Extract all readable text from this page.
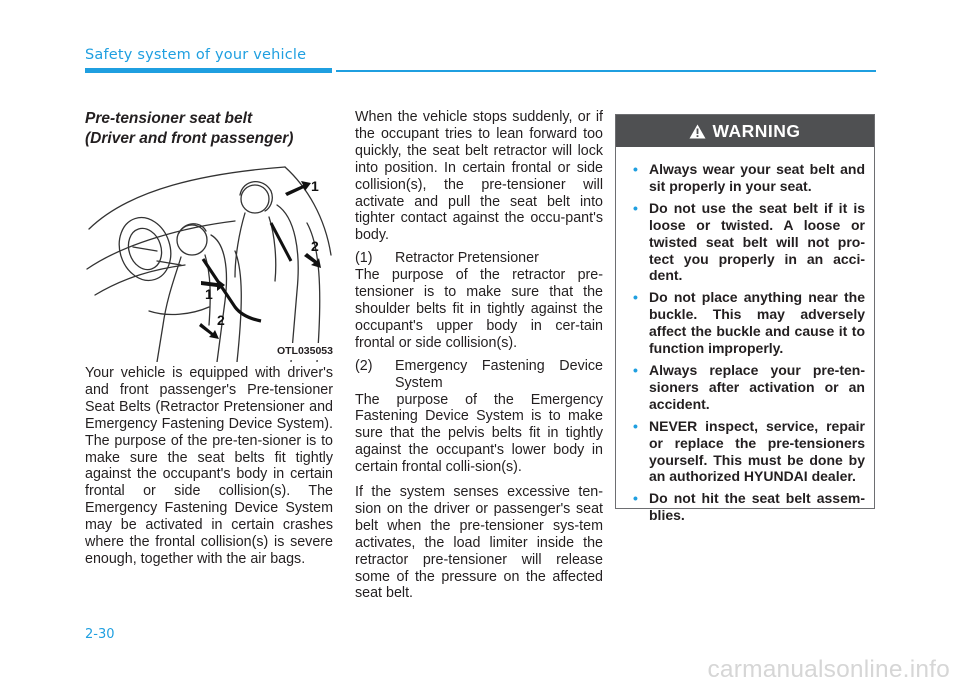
Safety system of your vehicle
Pre-tensioner seat belt
(Driver and front passenger)
1
2
1
2
OTL035053

Your vehicle is equipped with driver's and front passenger's Pre-tensioner Seat Belts (Retractor Pretensioner and Emergency Fastening Device System). The purpose of the pre-ten-sioner is to make sure the seat belts fit tightly against the occupant's body in certain frontal or side collision(s). The Emergency Fastening Device System may be activated in certain crashes where the frontal collision(s) is severe enough, together with the air bags.

When the vehicle stops suddenly, or if the occupant tries to lean forward too quickly, the seat belt retractor will lock into position. In certain frontal or side collision(s), the pre-tensioner will activate and pull the seat belt into tighter contact against the occu-pant's body.

(1)	Retractor Pretensioner

The purpose of the retractor pre-tensioner is to make sure that the shoulder belts fit in tightly against the occupant's upper body in cer-tain frontal or side collision(s).

(2)	Emergency Fastening Device
System

The purpose of the Emergency Fastening Device System is to make sure that the pelvis belts fit in tightly against the occupant's lower body in certain frontal colli-sion(s).

If the system senses excessive ten-sion on the driver or passenger's seat belt when the pre-tensioner sys-tem activates, the load limiter inside the retractor pre-tensioner will release some of the pressure on the affected seat belt.

WARNING
• Always wear your seat belt and sit properly in your seat.
• Do not use the seat belt if it is loose or twisted. A loose or twisted seat belt will not pro-tect you properly in an acci-dent.
• Do not place anything near the buckle. This may adversely affect the buckle and cause it to function improperly.
• Always replace your pre-ten-sioners after activation or an accident.
• NEVER inspect, service, repair or replace the pre-tensioners yourself. This must be done by an authorized HYUNDAI dealer.
• Do not hit the seat belt assem-blies.

2-30

carmanualsonline.info
